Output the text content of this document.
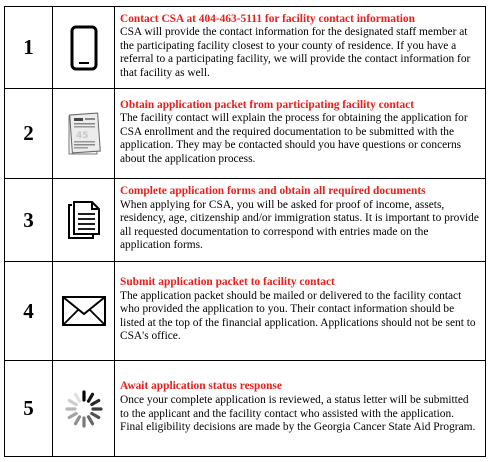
1		Contact CSA at 404-463-5111 for facility contact information
CSA will provide the contact information for the designated staff member at the participating facility closest to your county of residence. If you have a referral to a participating facility, we will provide the contact information for that facility as well.

2	45	Obtain application packet from participating facility contact
The facility contact will explain the process for obtaining the application for CSA enrollment and the required documentation to be submitted with the application. They may be contacted should you have questions or concerns about the application process.

3		Complete application forms and obtain all required documents
When applying for CSA, you will be asked for proof of income, assets, residency, age, citizenship and/or immigration status. It is important to provide all requested documentation to correspond with entries made on the application forms.

4		Submit application packet to facility contact
The application packet should be mailed or delivered to the facility contact who provided the application to you. Their contact information should be listed at the top of the financial application. Applications should not be sent to CSA's office.

5		Await application status response
Once your complete application is reviewed, a status letter will be submitted to the applicant and the facility contact who assisted with the application. Final eligibility decisions are made by the Georgia Cancer State Aid Program.
